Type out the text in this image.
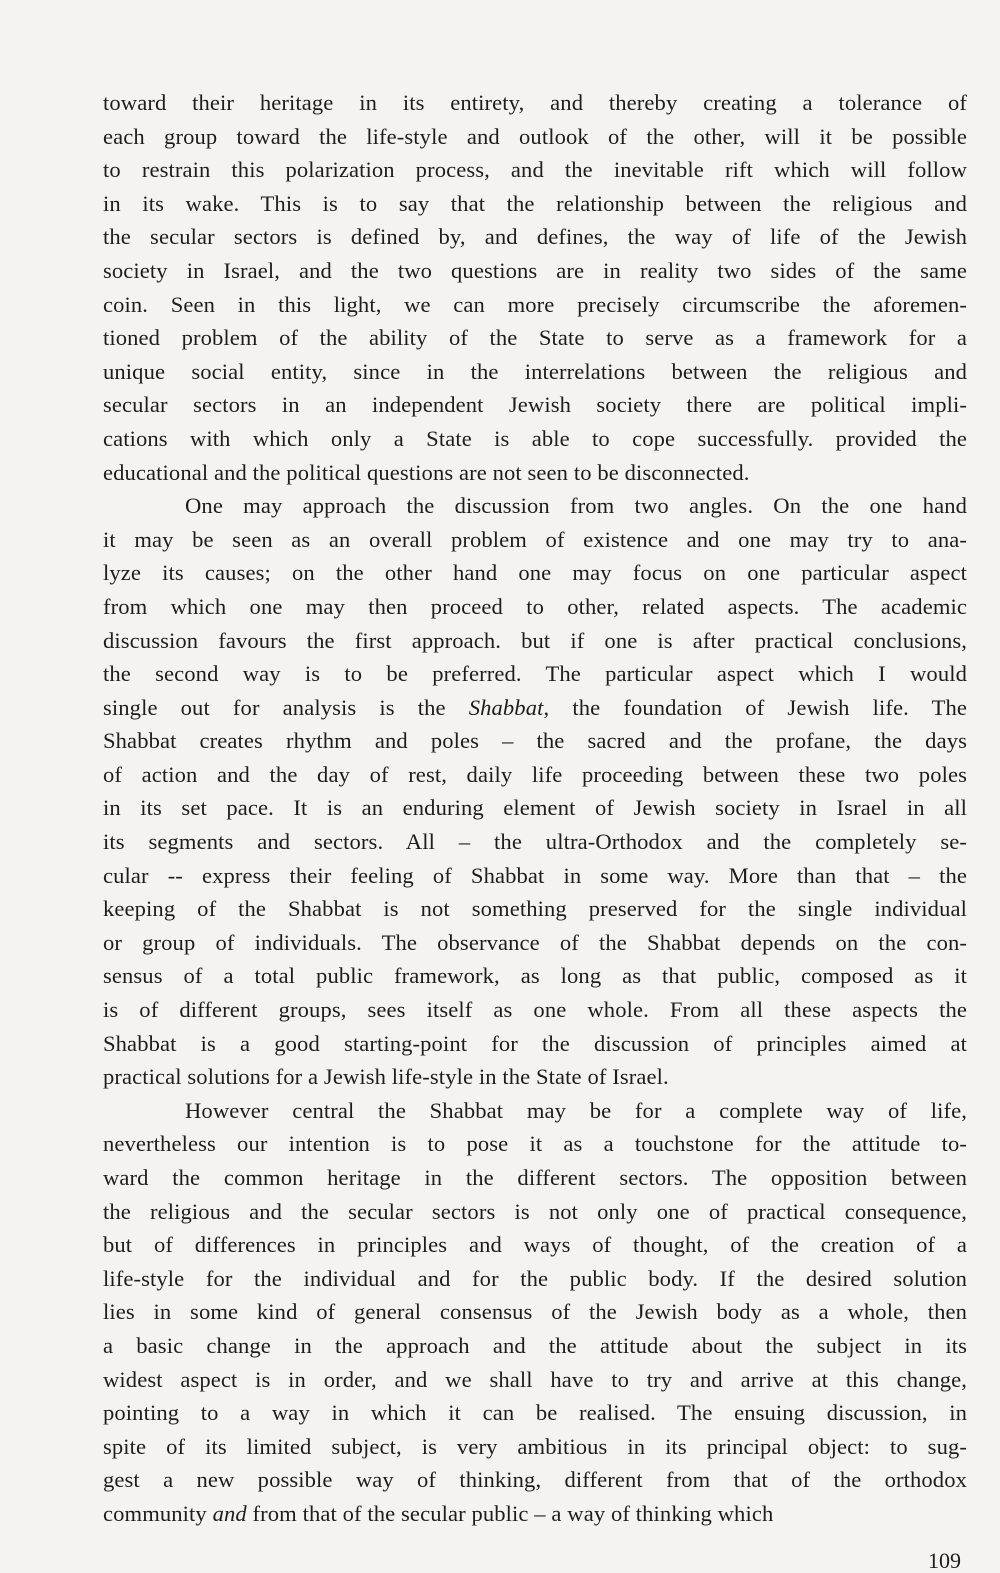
toward their heritage in its entirety, and thereby creating a tolerance of
each group toward the life-style and outlook of the other, will it be possible
to restrain this polarization process, and the inevitable rift which will follow
in its wake. This is to say that the relationship between the religious and
the secular sectors is defined by, and defines, the way of life of the Jewish
society in Israel, and the two questions are in reality two sides of the same
coin. Seen in this light, we can more precisely circumscribe the aforemen-
tioned problem of the ability of the State to serve as a framework for a
unique social entity, since in the interrelations between the religious and
secular sectors in an independent Jewish society there are political impli-
cations with which only a State is able to cope successfully. provided the
educational and the political questions are not seen to be disconnected.
One may approach the discussion from two angles. On the one hand
it may be seen as an overall problem of existence and one may try to ana-
lyze its causes; on the other hand one may focus on one particular aspect
from which one may then proceed to other, related aspects. The academic
discussion favours the first approach. but if one is after practical conclusions,
the second way is to be preferred. The particular aspect which I would
single out for analysis is the Shabbat, the foundation of Jewish life. The
Shabbat creates rhythm and poles – the sacred and the profane, the days
of action and the day of rest, daily life proceeding between these two poles
in its set pace. It is an enduring element of Jewish society in Israel in all
its segments and sectors. All – the ultra-Orthodox and the completely se-
cular -- express their feeling of Shabbat in some way. More than that – the
keeping of the Shabbat is not something preserved for the single individual
or group of individuals. The observance of the Shabbat depends on the con-
sensus of a total public framework, as long as that public, composed as it
is of different groups, sees itself as one whole. From all these aspects the
Shabbat is a good starting-point for the discussion of principles aimed at
practical solutions for a Jewish life-style in the State of Israel.
However central the Shabbat may be for a complete way of life,
nevertheless our intention is to pose it as a touchstone for the attitude to-
ward the common heritage in the different sectors. The opposition between
the religious and the secular sectors is not only one of practical consequence,
but of differences in principles and ways of thought, of the creation of a
life-style for the individual and for the public body. If the desired solution
lies in some kind of general consensus of the Jewish body as a whole, then
a basic change in the approach and the attitude about the subject in its
widest aspect is in order, and we shall have to try and arrive at this change,
pointing to a way in which it can be realised. The ensuing discussion, in
spite of its limited subject, is very ambitious in its principal object: to sug-
gest a new possible way of thinking, different from that of the orthodox
community and from that of the secular public – a way of thinking which
109
